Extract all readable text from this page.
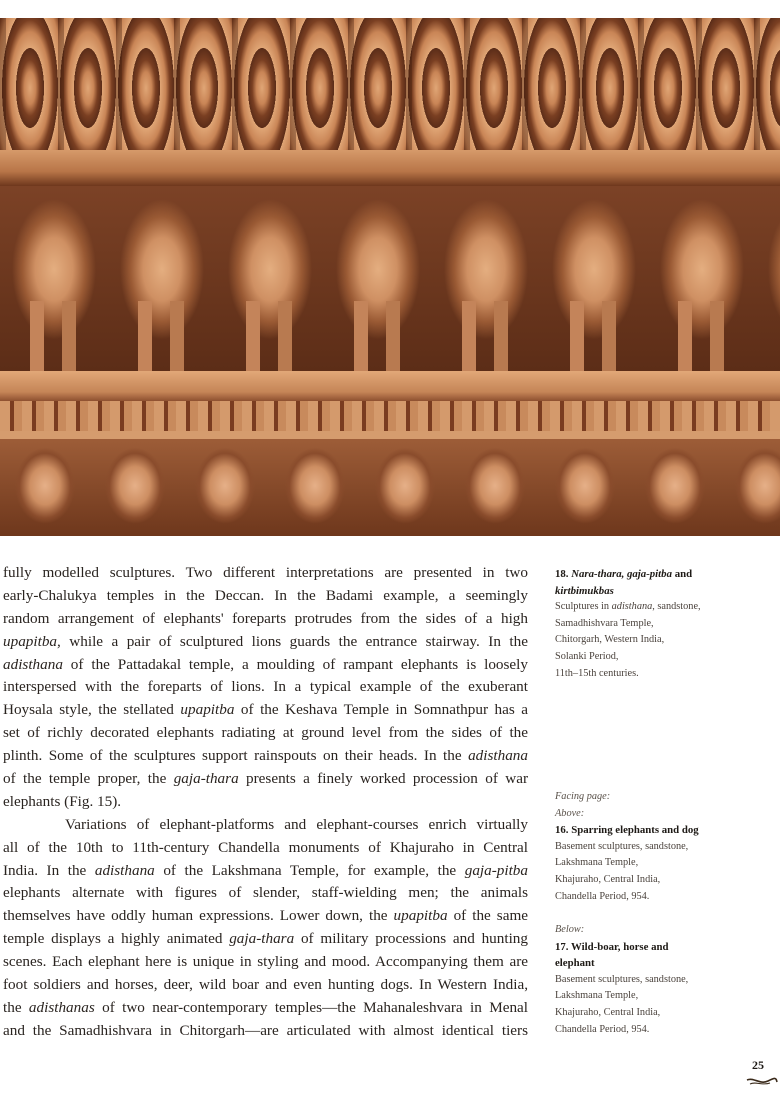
fully modelled sculptures. Two different interpretations are presented in two
early-Chalukya temples in the Deccan. In the Badami example, a seemingly
random arrangement of elephants' foreparts protrudes from the sides of a high
upapitba, while a pair of sculptured lions guards the entrance stairway. In the
adisthana of the Pattadakal temple, a moulding of rampant elephants is loosely
interspersed with the foreparts of lions. In a typical example of the exuberant
Hoysala style, the stellated upapitba of the Keshava Temple in Somnathpur has a
set of richly decorated elephants radiating at ground level from the sides of the
plinth. Some of the sculptures support rainspouts on their heads. In the adisthana
of the temple proper, the gaja-thara presents a finely worked procession of war
elephants (Fig. 15).
Variations of elephant-platforms and elephant-courses enrich virtually
all of the 10th to 11th-century Chandella monuments of Khajuraho in Central
India. In the adisthana of the Lakshmana Temple, for example, the gaja-pitba
elephants alternate with figures of slender, staff-wielding men; the animals
themselves have oddly human expressions. Lower down, the upapitba of the same
temple displays a highly animated gaja-thara of military processions and hunting
scenes. Each elephant here is unique in styling and mood. Accompanying them are
foot soldiers and horses, deer, wild boar and even hunting dogs. In Western India,
the adisthanas of two near-contemporary temples—the Mahanaleshvara in Menal
and the Samadhishvara in Chitorgarh—are articulated with almost identical tiers
18. Nara-thara, gaja-pitba and
kirtbimukbas
Sculptures in adisthana, sandstone,
Samadhishvara Temple,
Chitorgarh, Western India,
Solanki Period,
11th–15th centuries.
Facing page:
Above:
16. Sparring elephants and dog
Basement sculptures, sandstone,
Lakshmana Temple,
Khajuraho, Central India,
Chandella Period, 954.
Below:
17. Wild-boar, horse and
elephant
Basement sculptures, sandstone,
Lakshmana Temple,
Khajuraho, Central India,
Chandella Period, 954.
25
